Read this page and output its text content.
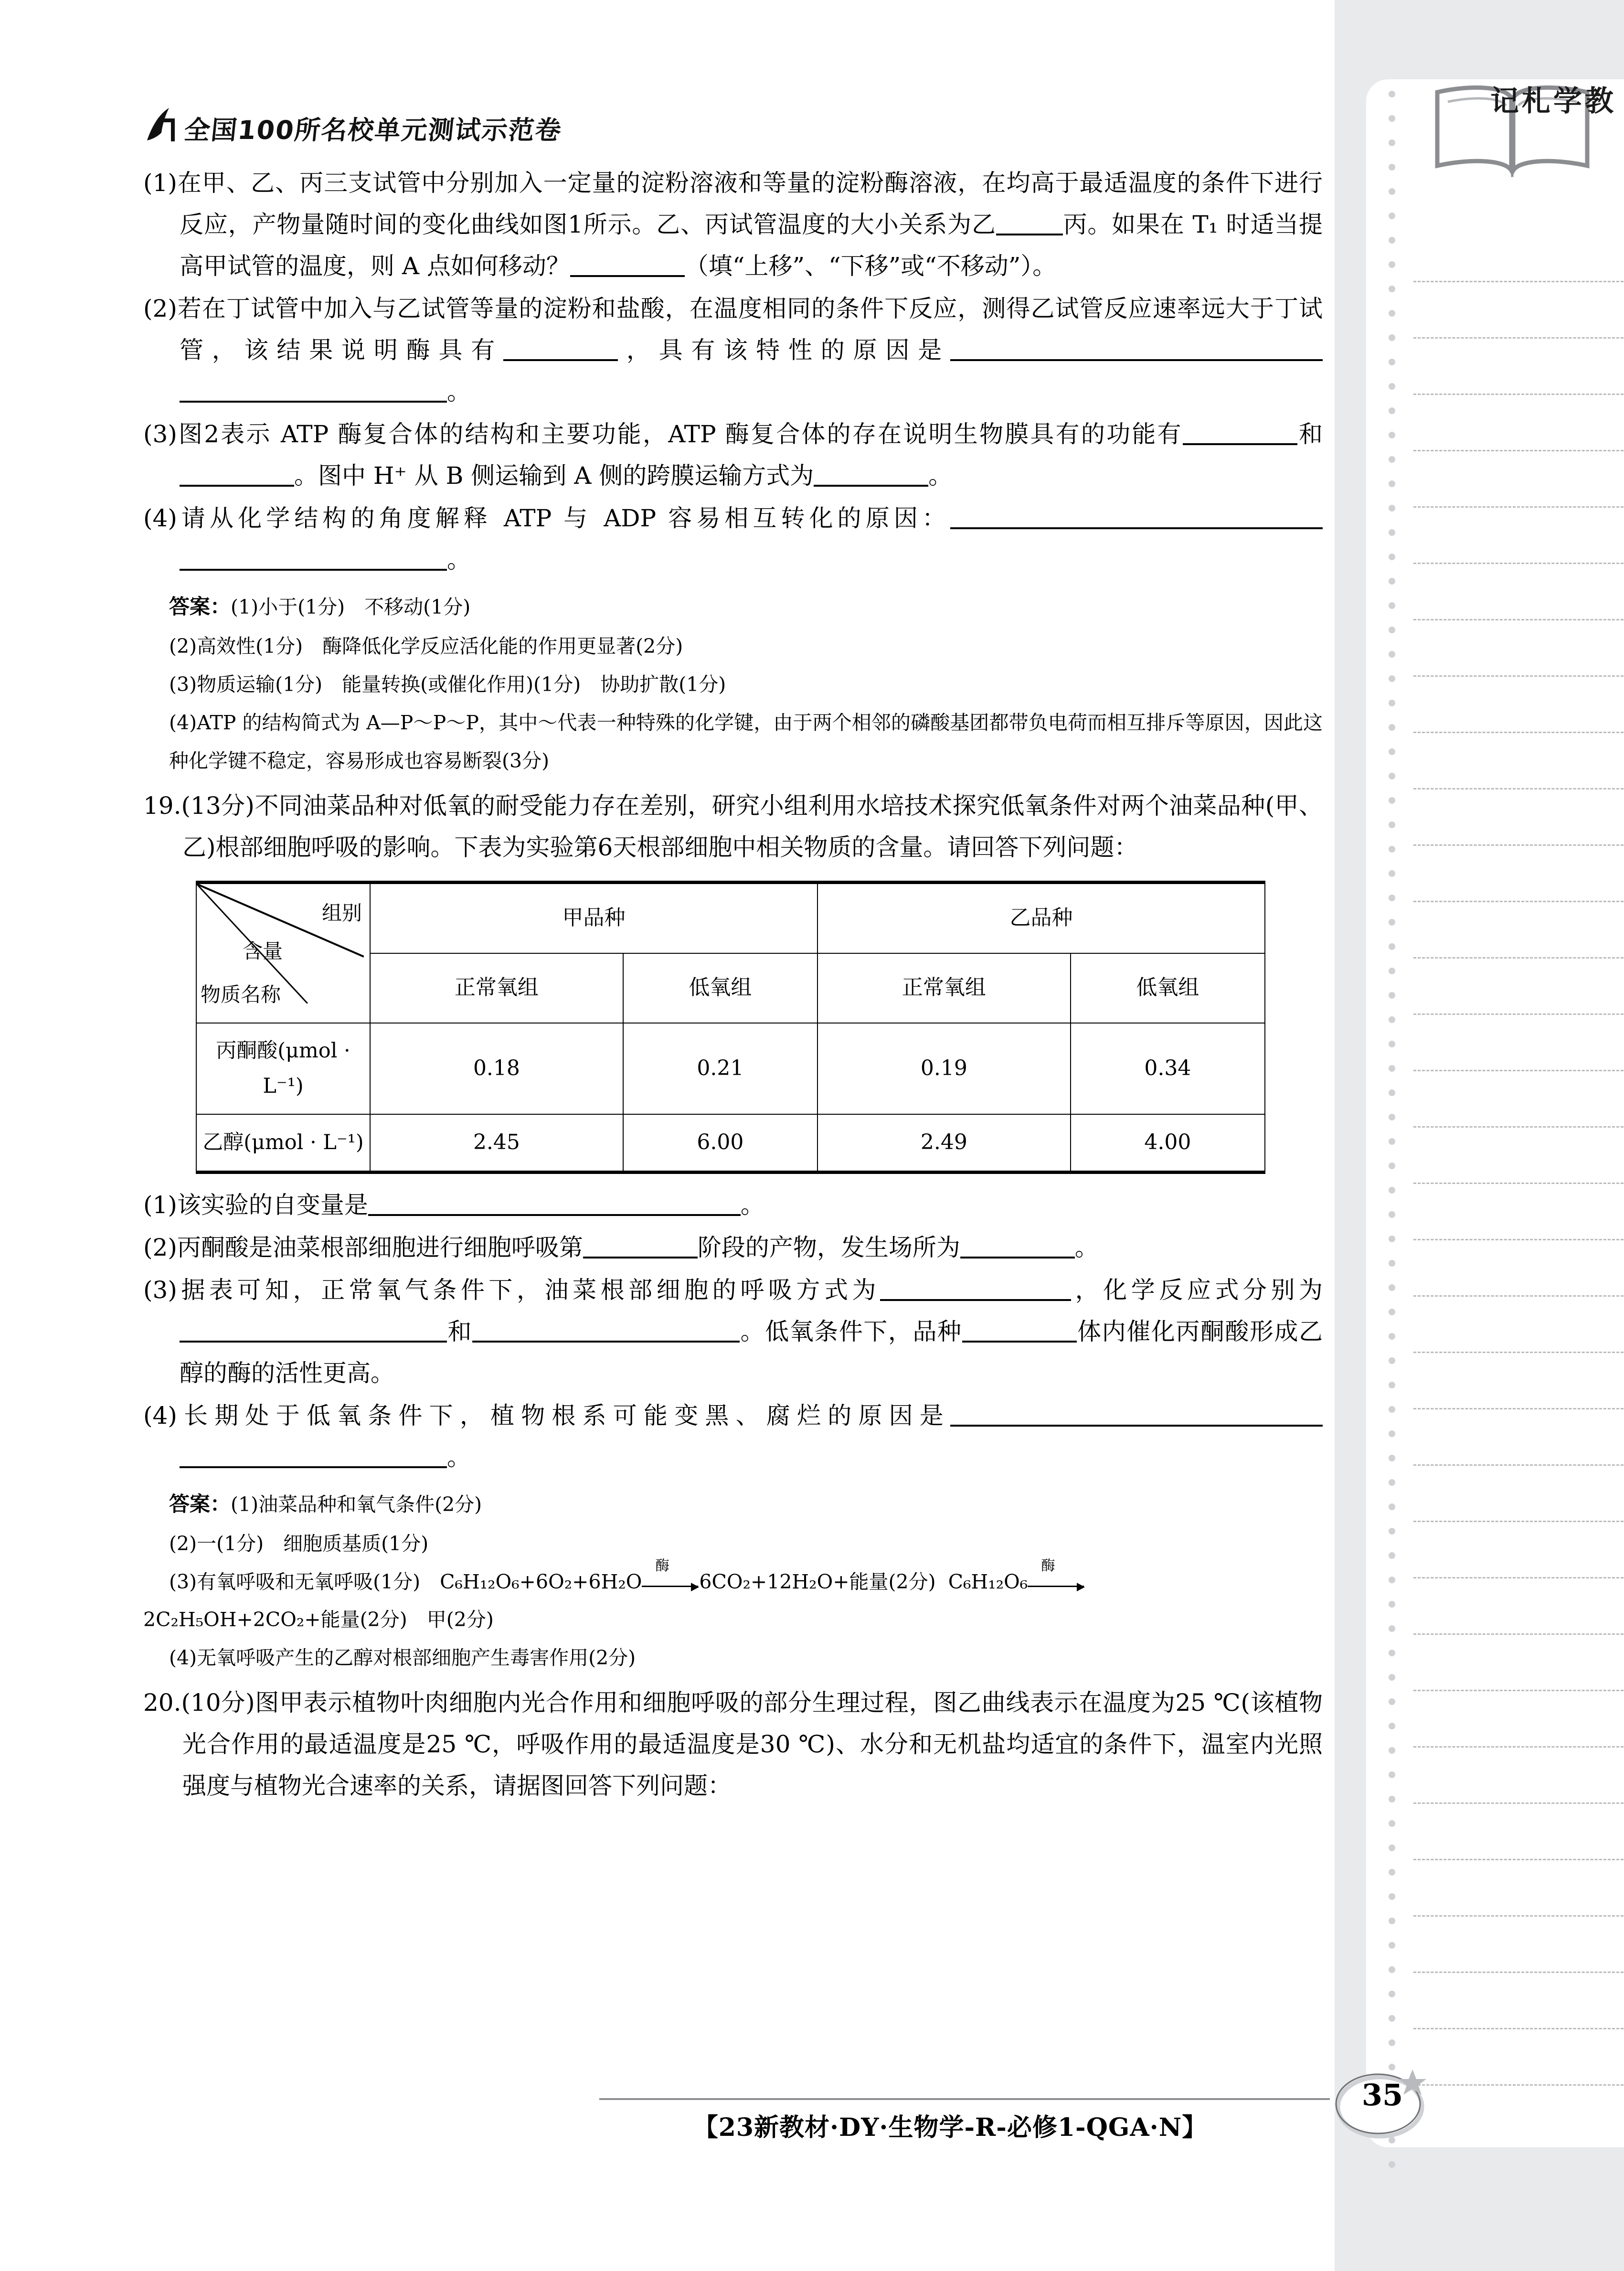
教
学
札
记
全国100所名校单元测试示范卷

(1)在甲、乙、丙三支试管中分别加入一定量的淀粉溶液和等量的淀粉酶溶液，在均高于最适温度的条件下进行反应，产物量随时间的变化曲线如图1所示。乙、丙试管温度的大小关系为乙	丙。如果在 T₁ 时适当提高甲试管的温度，则 A 点如何移动？	（填“上移”、“下移”或“不移动”）。

(2)若在丁试管中加入与乙试管等量的淀粉和盐酸，在温度相同的条件下反应，测得乙试管反应速率远大于丁试管，该结果说明酶具有	，具有该特性的原因是。

(3)图2表示 ATP 酶复合体的结构和主要功能，ATP 酶复合体的存在说明生物膜具有的功能有	和。图中 H⁺ 从 B 侧运输到 A 侧的跨膜运输方式为	。

(4)请从化学结构的角度解释 ATP 与 ADP 容易相互转化的原因：。

答案：(1)小于(1分)　不移动(1分)

(2)高效性(1分)　酶降低化学反应活化能的作用更显著(2分)

(3)物质运输(1分)　能量转换(或催化作用)(1分)　协助扩散(1分)

(4)ATP 的结构简式为 A—P～P～P，其中～代表一种特殊的化学键，由于两个相邻的磷酸基团都带负电荷而相互排斥等原因，因此这种化学键不稳定，容易形成也容易断裂(3分)

19.(13分)不同油菜品种对低氧的耐受能力存在差别，研究小组利用水培技术探究低氧条件对两个油菜品种(甲、乙)根部细胞呼吸的影响。下表为实验第6天根部细胞中相关物质的含量。请回答下列问题：

组别
含量
物质名称	甲品种		乙品种	
	正常氧组	低氧组	正常氧组	低氧组
丙酮酸(μmol · L⁻¹)	0.18	0.21	0.19	0.34
乙醇(μmol · L⁻¹)	2.45	6.00	2.49	4.00

(1)该实验的自变量是	。

(2)丙酮酸是油菜根部细胞进行细胞呼吸第	阶段的产物，发生场所为	。

(3)据表可知，正常氧气条件下，油菜根部细胞的呼吸方式为	，化学反应式分别为和	。低氧条件下，品种	体内催化丙酮酸形成乙醇的酶的活性更高。

(4)长期处于低氧条件下，植物根系可能变黑、腐烂的原因是。

答案：(1)油菜品种和氧气条件(2分)

(2)一(1分)　细胞质基质(1分)

(3)有氧呼吸和无氧呼吸(1分)　C₆H₁₂O₆+6O₂+6H₂O
酶
6CO₂+12H₂O+能量(2分) C₆H₁₂O₆
酶

2C₂H₅OH+2CO₂+能量(2分)　甲(2分)

(4)无氧呼吸产生的乙醇对根部细胞产生毒害作用(2分)

20.(10分)图甲表示植物叶肉细胞内光合作用和细胞呼吸的部分生理过程，图乙曲线表示在温度为25 ℃(该植物光合作用的最适温度是25 ℃，呼吸作用的最适温度是30 ℃)、水分和无机盐均适宜的条件下，温室内光照强度与植物光合速率的关系，请据图回答下列问题：

【23新教材·DY·生物学-R-必修1-QGA·N】
35
